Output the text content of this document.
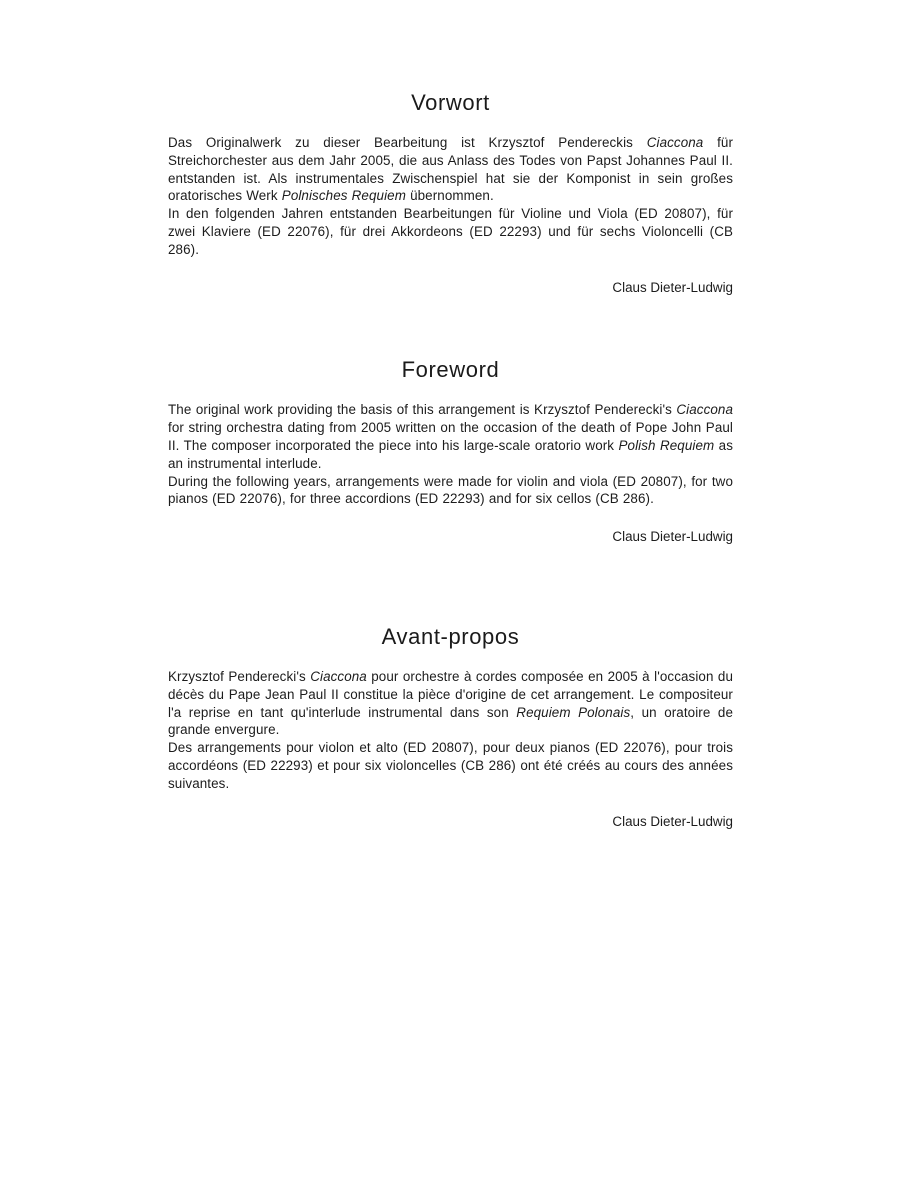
Vorwort

Das Originalwerk zu dieser Bearbeitung ist Krzysztof Pendereckis Ciaccona für Streichorchester aus dem Jahr 2005, die aus Anlass des Todes von Papst Johannes Paul II. entstanden ist. Als instrumentales Zwischenspiel hat sie der Komponist in sein großes oratorisches Werk Polnisches Requiem übernommen.

In den folgenden Jahren entstanden Bearbeitungen für Violine und Viola (ED 20807), für zwei Klaviere (ED 22076), für drei Akkordeons (ED 22293) und für sechs Violoncelli (CB 286).

Claus Dieter-Ludwig

Foreword

The original work providing the basis of this arrangement is Krzysztof Penderecki's Ciaccona for string orchestra dating from 2005 written on the occasion of the death of Pope John Paul II. The composer incorporated the piece into his large-scale oratorio work Polish Requiem as an instrumental interlude.

During the following years, arrangements were made for violin and viola (ED 20807), for two pianos (ED 22076), for three accordions (ED 22293) and for six cellos (CB 286).

Claus Dieter-Ludwig

Avant-propos

Krzysztof Penderecki's Ciaccona pour orchestre à cordes composée en 2005 à l'occasion du décès du Pape Jean Paul II constitue la pièce d'origine de cet arrangement. Le compositeur l'a reprise en tant qu'interlude instrumental dans son Requiem Polonais, un oratoire de grande envergure.

Des arrangements pour violon et alto (ED 20807), pour deux pianos (ED 22076), pour trois accordéons (ED 22293) et pour six violoncelles (CB 286) ont été créés au cours des années suivantes.

Claus Dieter-Ludwig
